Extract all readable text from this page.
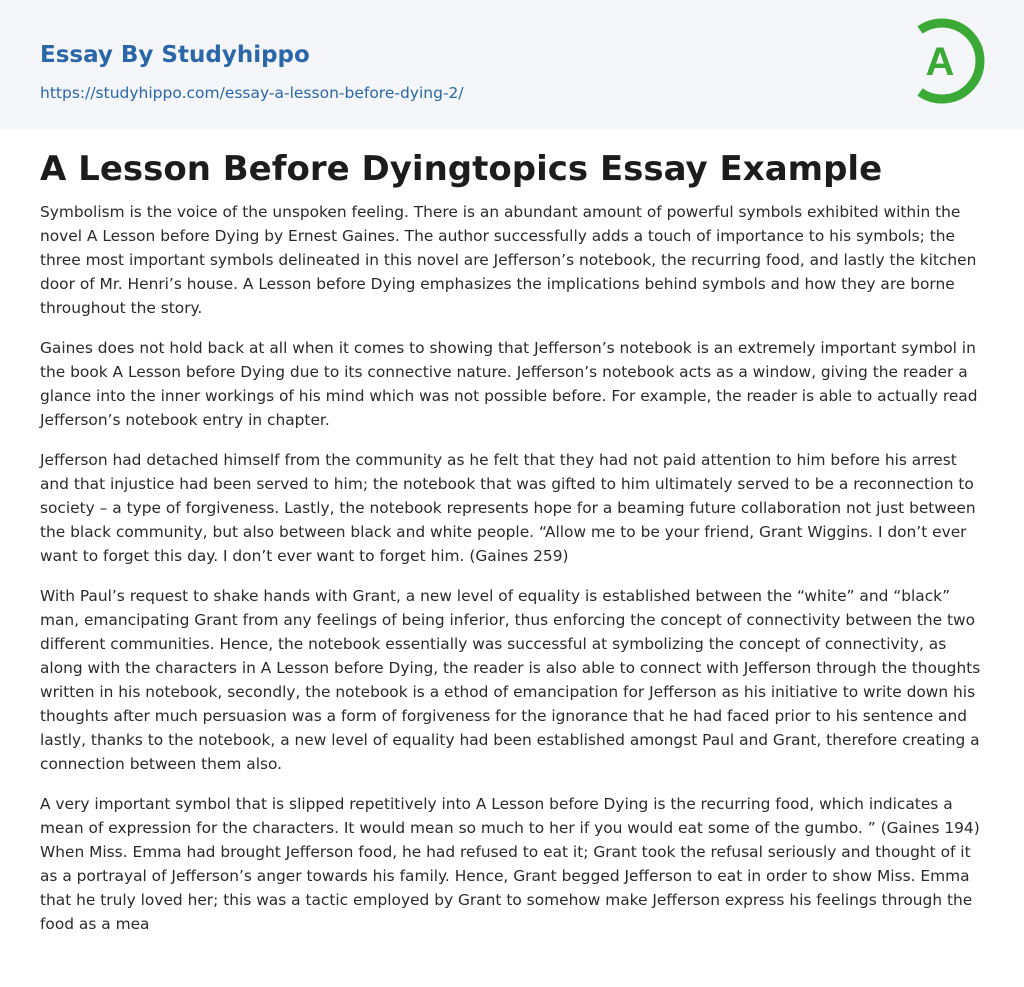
Essay By Studyhippo
https://studyhippo.com/essay-a-lesson-before-dying-2/
A
A Lesson Before Dyingtopics Essay Example

Symbolism is the voice of the unspoken feeling. There is an abundant amount of powerful symbols exhibited within the novel A Lesson before Dying by Ernest Gaines. The author successfully adds a touch of importance to his symbols; the three most important symbols delineated in this novel are Jefferson’s notebook, the recurring food, and lastly the kitchen door of Mr. Henri’s house. A Lesson before Dying emphasizes the implications behind symbols and how they are borne throughout the story.

Gaines does not hold back at all when it comes to showing that Jefferson’s notebook is an extremely important symbol in the book A Lesson before Dying due to its connective nature. Jefferson’s notebook acts as a window, giving the reader a glance into the inner workings of his mind which was not possible before. For example, the reader is able to actually read Jefferson’s notebook entry in chapter.

Jefferson had detached himself from the community as he felt that they had not paid attention to him before his arrest and that injustice had been served to him; the notebook that was gifted to him ultimately served to be a reconnection to society – a type of forgiveness. Lastly, the notebook represents hope for a beaming future collaboration not just between the black community, but also between black and white people. “Allow me to be your friend, Grant Wiggins. I don’t ever want to forget this day. I don’t ever want to forget him. (Gaines 259)

With Paul’s request to shake hands with Grant, a new level of equality is established between the “white” and “black” man, emancipating Grant from any feelings of being inferior, thus enforcing the concept of connectivity between the two different communities. Hence, the notebook essentially was successful at symbolizing the concept of connectivity, as along with the characters in A Lesson before Dying, the reader is also able to connect with Jefferson through the thoughts written in his notebook, secondly, the notebook is a ethod of emancipation for Jefferson as his initiative to write down his thoughts after much persuasion was a form of forgiveness for the ignorance that he had faced prior to his sentence and lastly, thanks to the notebook, a new level of equality had been established amongst Paul and Grant, therefore creating a connection between them also.

A very important symbol that is slipped repetitively into A Lesson before Dying is the recurring food, which indicates a mean of expression for the characters. It would mean so much to her if you would eat some of the gumbo. ” (Gaines 194) When Miss. Emma had brought Jefferson food, he had refused to eat it; Grant took the refusal seriously and thought of it as a portrayal of Jefferson’s anger towards his family. Hence, Grant begged Jefferson to eat in order to show Miss. Emma that he truly loved her; this was a tactic employed by Grant to somehow make Jefferson express his feelings through the food as a mea
